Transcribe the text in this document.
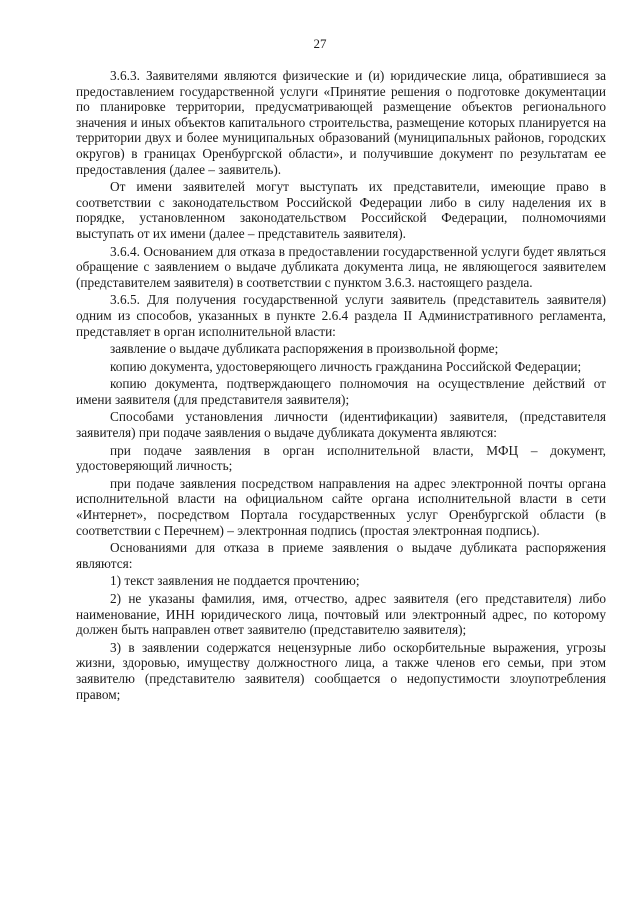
27

3.6.3. Заявителями являются физические и (и) юридические лица, обратившиеся за предоставлением государственной услуги «Принятие решения о подготовке документации по планировке территории, предусматривающей размещение объектов регионального значения и иных объектов капитального строительства, размещение которых планируется на территории двух и более муниципальных образований (муниципальных районов, городских округов) в границах Оренбургской области», и получившие документ по результатам ее предоставления (далее – заявитель).

От имени заявителей могут выступать их представители, имеющие право в соответствии с законодательством Российской Федерации либо в силу наделения их в порядке, установленном законодательством Российской Федерации, полномочиями выступать от их имени (далее – представитель заявителя).

3.6.4. Основанием для отказа в предоставлении государственной услуги будет являться обращение с заявлением о выдаче дубликата документа лица, не являющегося заявителем (представителем заявителя) в соответствии с пунктом 3.6.3. настоящего раздела.

3.6.5. Для получения государственной услуги заявитель (представитель заявителя) одним из способов, указанных в пункте 2.6.4 раздела II Административного регламента, представляет в орган исполнительной власти:

заявление о выдаче дубликата распоряжения в произвольной форме;

копию документа, удостоверяющего личность гражданина Российской Федерации;

копию документа, подтверждающего полномочия на осуществление действий от имени заявителя (для представителя заявителя);

Способами установления личности (идентификации) заявителя, (представителя заявителя) при подаче заявления о выдаче дубликата документа являются:

при подаче заявления в орган исполнительной власти, МФЦ – документ, удостоверяющий личность;

при подаче заявления посредством направления на адрес электронной почты органа исполнительной власти на официальном сайте органа исполнительной власти в сети «Интернет», посредством Портала государственных услуг Оренбургской области (в соответствии с Перечнем) – электронная подпись (простая электронная подпись).

Основаниями для отказа в приеме заявления о выдаче дубликата распоряжения являются:

1) текст заявления не поддается прочтению;

2) не указаны фамилия, имя, отчество, адрес заявителя (его представителя) либо наименование, ИНН юридического лица, почтовый или электронный адрес, по которому должен быть направлен ответ заявителю (представителю заявителя);

3) в заявлении содержатся нецензурные либо оскорбительные выражения, угрозы жизни, здоровью, имуществу должностного лица, а также членов его семьи, при этом заявителю (представителю заявителя) сообщается о недопустимости злоупотребления правом;
